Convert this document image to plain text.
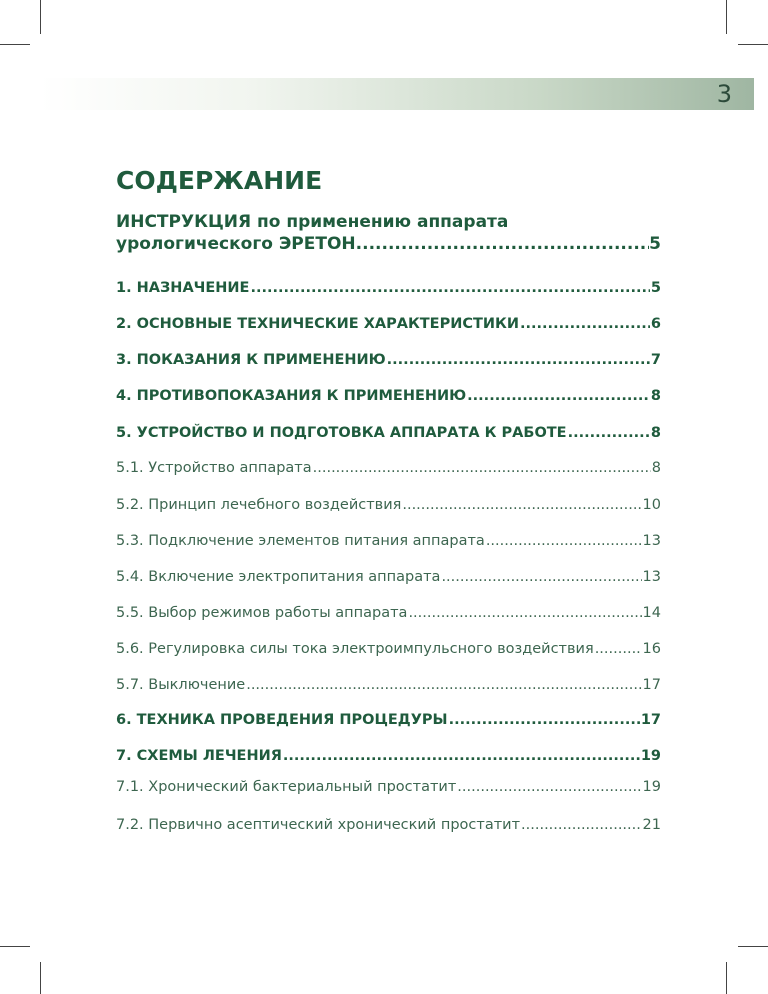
3
СОДЕРЖАНИЕ
ИНСТРУКЦИЯ по применению аппарата
урологического ЭРЕТОН .....	5
1. НАЗНАЧЕНИЕ .....	5
2. ОСНОВНЫЕ ТЕХНИЧЕСКИЕ ХАРАКТЕРИСТИКИ .....	6
3. ПОКАЗАНИЯ К ПРИМЕНЕНИЮ .....	7
4. ПРОТИВОПОКАЗАНИЯ К ПРИМЕНЕНИЮ .....	8
5. УСТРОЙСТВО И ПОДГОТОВКА АППАРАТА К РАБОТЕ .....	8
5.1. Устройство аппарата .....	8
5.2. Принцип лечебного воздействия .....	10
5.3. Подключение элементов питания аппарата .....	13
5.4. Включение электропитания аппарата .....	13
5.5. Выбор режимов работы аппарата .....	14
5.6. Регулировка силы тока электроимпульсного воздействия .....	16
5.7. Выключение .....	17
6. ТЕХНИКА ПРОВЕДЕНИЯ ПРОЦЕДУРЫ .....	17
7. СХЕМЫ ЛЕЧЕНИЯ .....	19
7.1. Хронический бактериальный простатит .....	19
7.2. Первично асептический хронический простатит .....	21
